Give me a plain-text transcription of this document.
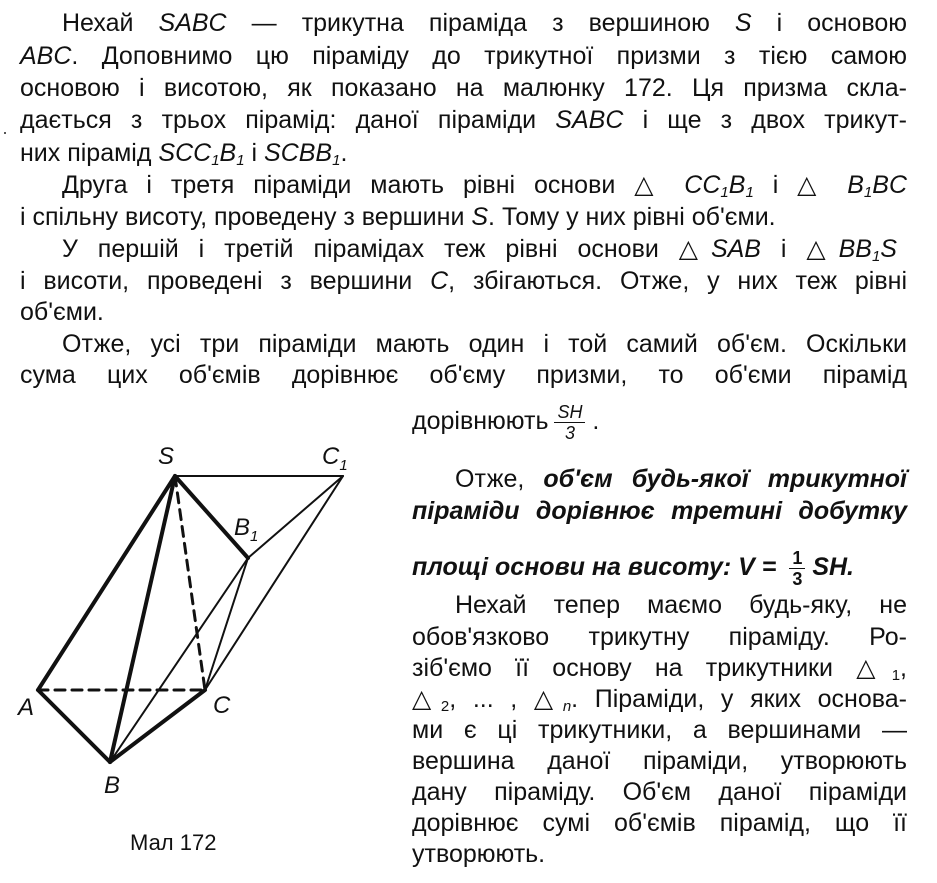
Нехай SABC — трикутна піраміда з вершиною S і основою
ABC. Доповнимо цю піраміду до трикутної призми з тією самою
основою і висотою, як показано на малюнку 172. Ця призма скла-
дається з трьох пірамід: даної піраміди SABC і ще з двох трикут-
них пірамід $SCC_1B_1$ і $SCBB_1$.
Друга і третя піраміди мають рівні основи △ $CC_1B_1$ і △ $B_1BC$
і спільну висоту, проведену з вершини S. Тому у них рівні об'єми.
У першій і третій пірамідах теж рівні основи △SAB і $\triangle BB_1S$
і висоти, проведені з вершини C, збігаються. Отже, у них теж рівні
об'єми.
Отже, усі три піраміди мають один і той самий об'єм. Оскільки
сума цих об'ємів дорівнює об'єму призми, то об'єми пірамід
дорівнюють $\frac{SH}{3}$ .
Отже, об'єм будь-якої трикутної
піраміди дорівнює третині добутку
площі основи на висоту: $V = \frac{1}{3}$ SH.
Нехай тепер маємо будь-яку, не
обов'язково трикутну піраміду. Ро-
зіб'ємо її основу на трикутники $\triangle_1$,
$\triangle_2$, ... , $\triangle_n$. Піраміди, у яких основа-
ми є ці трикутники, а вершинами —
вершина даної піраміди, утворюють
дану піраміду. Об'єм даної піраміди
дорівнює сумі об'ємів пірамід, що її
утворюють.
S	$C_1$
$B_1$
A	C
B
Мал 172
